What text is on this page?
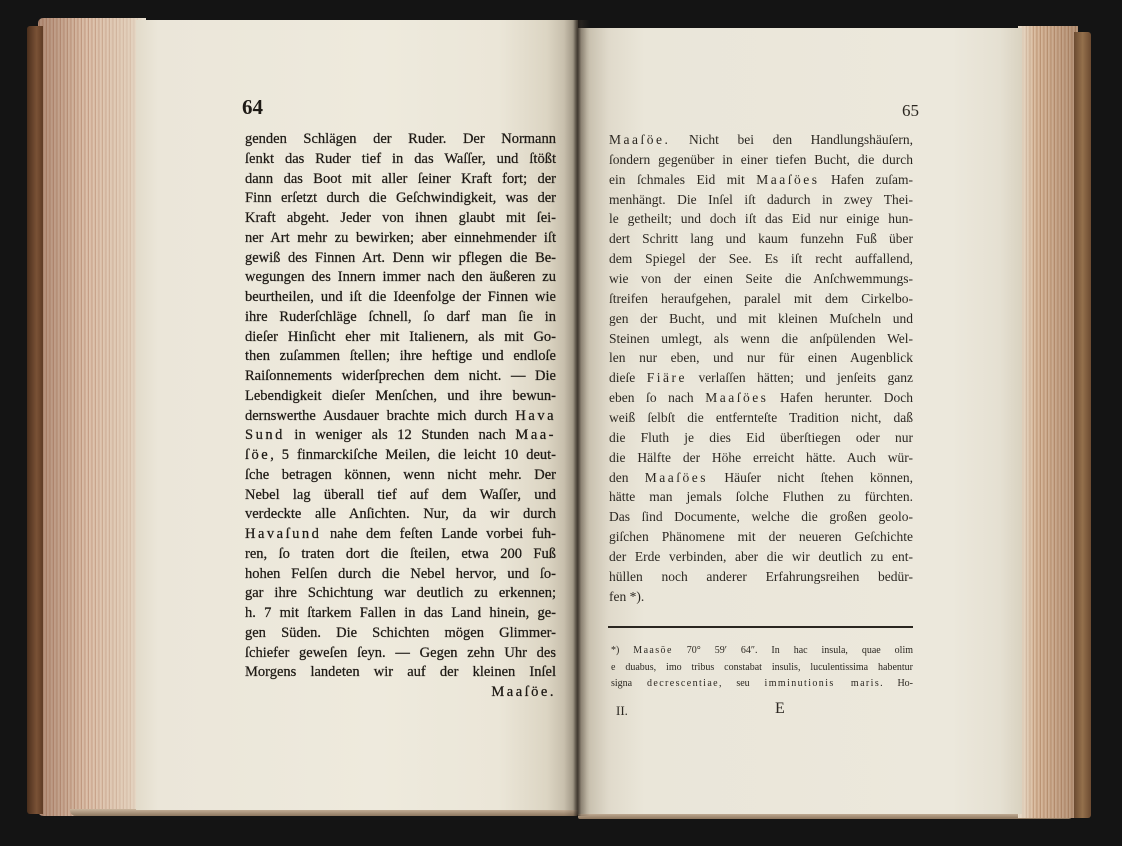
64
genden Schlägen der Ruder. Der Normann
ſenkt das Ruder tief in das Waſſer, und ſtößt
dann das Boot mit aller ſeiner Kraft fort; der
Finn erſetzt durch die Geſchwindigkeit, was der
Kraft abgeht. Jeder von ihnen glaubt mit ſei-
ner Art mehr zu bewirken; aber einnehmender iſt
gewiß des Finnen Art. Denn wir pflegen die Be-
wegungen des Innern immer nach den äußeren zu
beurtheilen, und iſt die Ideenfolge der Finnen wie
ihre Ruderſchläge ſchnell, ſo darf man ſie in
dieſer Hinſicht eher mit Italienern, als mit Go-
then zuſammen ſtellen; ihre heftige und endloſe
Raiſonnements widerſprechen dem nicht. — Die
Lebendigkeit dieſer Menſchen, und ihre bewun-
dernswerthe Ausdauer brachte mich durch Hava
Sund in weniger als 12 Stunden nach Maa-
ſöe, 5 finmarckiſche Meilen, die leicht 10 deut-
ſche betragen können, wenn nicht mehr. Der
Nebel lag überall tief auf dem Waſſer, und
verdeckte alle Anſichten. Nur, da wir durch
Havaſund nahe dem feſten Lande vorbei fuh-
ren, ſo traten dort die ſteilen, etwa 200 Fuß
hohen Felſen durch die Nebel hervor, und ſo-
gar ihre Schichtung war deutlich zu erkennen;
h. 7 mit ſtarkem Fallen in das Land hinein, ge-
gen Süden. Die Schichten mögen Glimmer-
ſchiefer geweſen ſeyn. — Gegen zehn Uhr des
Morgens landeten wir auf der kleinen Inſel
Maaſöe.
65
Maaſöe. Nicht bei den Handlungshäuſern,
ſondern gegenüber in einer tiefen Bucht, die durch
ein ſchmales Eid mit Maaſöes Hafen zuſam-
menhängt. Die Inſel iſt dadurch in zwey Thei-
le getheilt; und doch iſt das Eid nur einige hun-
dert Schritt lang und kaum funzehn Fuß über
dem Spiegel der See. Es iſt recht auffallend,
wie von der einen Seite die Anſchwemmungs-
ſtreifen heraufgehen, paralel mit dem Cirkelbo-
gen der Bucht, und mit kleinen Muſcheln und
Steinen umlegt, als wenn die anſpülenden Wel-
len nur eben, und nur für einen Augenblick
dieſe Fiäre verlaſſen hätten; und jenſeits ganz
eben ſo nach Maaſöes Hafen herunter. Doch
weiß ſelbſt die entfernteſte Tradition nicht, daß
die Fluth je dies Eid überſtiegen oder nur
die Hälfte der Höhe erreicht hätte. Auch wür-
den Maaſöes Häuſer nicht ſtehen können,
hätte man jemals ſolche Fluthen zu fürchten.
Das ſind Documente, welche die großen geolo-
giſchen Phänomene mit der neueren Geſchichte
der Erde verbinden, aber die wir deutlich zu ent-
hüllen noch anderer Erfahrungsreihen bedür-
fen *).
*) Maasöe 70° 59′ 64″. In hac insula, quae olim
e duabus, imo tribus constabat insulis, luculentissima habentur
signa decrescentiae, seu imminutionis maris. Ho-
II.	E
